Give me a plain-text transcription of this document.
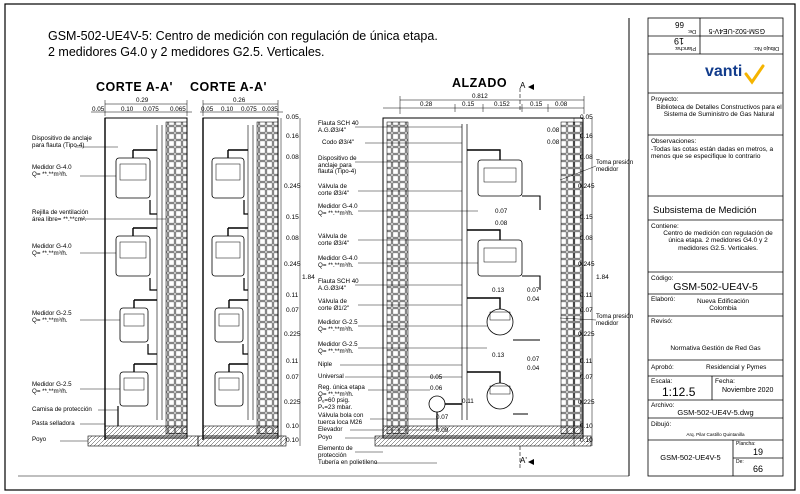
GSM-502-UE4V-5: Centro de medición con regulación de única etapa.
2 medidores G4.0 y 2 medidores G2.5. Verticales.
CORTE A-A' CORTE A-A'	ALZADO A
A'
0.29
0.05	0.10 0.075 0.065
0.26
0.05 0.10 0.075 0.035
0.812
0.28	0.15	0.152	0.15 0.08
0.05
0.16
0.08
0.245
0.15
0.08
0.245
0.11
0.07
0.225
0.11
0.07
0.225
0.10
0.10
1.84
0.05
0.16
0.08
0.245
0.15
0.08
0.245
0.11
0.07
0.225
0.11
0.07
0.225
0.10
0.10
1.84
0.08
0.08
0.07
0.08
0.13	0.07
0.04
0.13
0.07
0.04
0.05
0.06
0.11
0.07
0.09
Dispositivo de anclaje
para flauta (Tipo-4)
Medidor G-4.0
Q= **.**m³/h.
Rejilla de ventilación
área libre= **.**cm².
Medidor G-4.0
Q= **.**m³/h.
Medidor G-2.5
Q= **.**m³/h.
Medidor G-2.5
Q= **.**m³/h.
Camisa de protección
Pasta selladora
Poyo
Flauta SCH 40
A.G.Ø3/4"
Codo Ø3/4"
Dispositivo de
anclaje para
flauta (Tipo-4)
Válvula de
corte Ø3/4"
Medidor G-4.0
Q= **.**m³/h.
Válvula de
corte Ø3/4"
Medidor G-4.0
Q= **.**m³/h.
Flauta SCH 40
A.G.Ø3/4"
Válvula de
corte Ø1/2"
Medidor G-2.5
Q= **.**m³/h.
Medidor G-2.5
Q= **.**m³/h.
Niple
Universal
Reg. única etapa
Q= **.**m³/h.
Pₑ=60 psig.
Pₛ=23 mbar.
Válvula bola con
tuerca loca M26
Elevador
Poyo
Elemento de
protección
Tubería en polietileno
Toma presión
medidor
Toma presión
medidor
Dibujo No:
GSM-502-UE4V-5
Plancha:
19
De:
66
vanti
Proyecto:
Biblioteca de Detalles Constructivos para el Sistema de Suministro de Gas Natural
Observaciones:
-Todas las cotas están dadas en metros, a menos que se especifique lo contrario
Subsistema de Medición
Contiene:
Centro de medición con regulación de única etapa. 2 medidores G4.0 y 2 medidores G2.5. Verticales.
Código:
GSM-502-UE4V-5
Elaboró:	Nueva Edificación Colombia
Revisó:
Normativa Gestión de Red Gas
Aprobó:	Residencial y Pymes
Escala:
1:12.5
Fecha:
Noviembre 2020
Archivo:
GSM-502-UE4V-5.dwg
Dibujó:
Arq. Pilar Castillo Quintanilla
GSM-502-UE4V-5
Plancha:
19
De:
66
